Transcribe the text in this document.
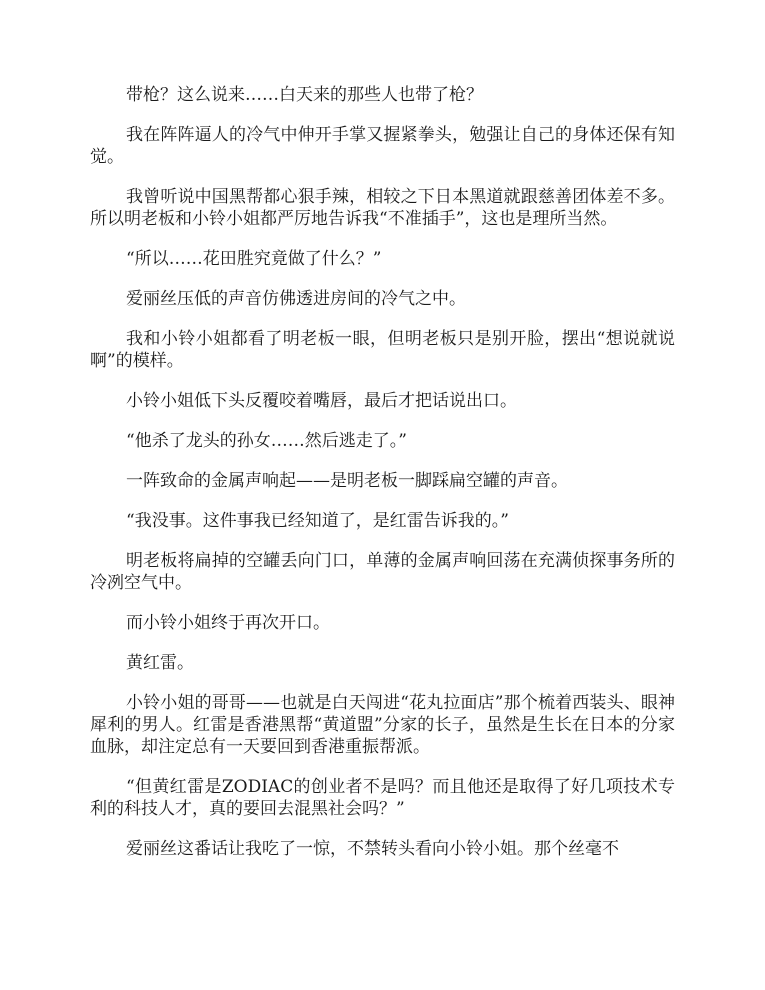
带枪？这么说来……白天来的那些人也带了枪？

我在阵阵逼人的冷气中伸开手掌又握紧拳头，勉强让自己的身体还保有知觉。

我曾听说中国黑帮都心狠手辣，相较之下日本黑道就跟慈善团体差不多。所以明老板和小铃小姐都严厉地告诉我“不准插手”，这也是理所当然。

“所以……花田胜究竟做了什么？”

爱丽丝压低的声音仿佛透进房间的冷气之中。

我和小铃小姐都看了明老板一眼，但明老板只是别开脸，摆出“想说就说啊”的模样。

小铃小姐低下头反覆咬着嘴唇，最后才把话说出口。

“他杀了龙头的孙女……然后逃走了。”

一阵致命的金属声响起——是明老板一脚踩扁空罐的声音。

“我没事。这件事我已经知道了，是红雷告诉我的。”

明老板将扁掉的空罐丢向门口，单薄的金属声响回荡在充满侦探事务所的冷冽空气中。

而小铃小姐终于再次开口。

黄红雷。

小铃小姐的哥哥——也就是白天闯进“花丸拉面店”那个梳着西装头、眼神犀利的男人。红雷是香港黑帮“黄道盟”分家的长子，虽然是生长在日本的分家血脉，却注定总有一天要回到香港重振帮派。

“但黄红雷是ZODIAC的创业者不是吗？而且他还是取得了好几项技术专利的科技人才，真的要回去混黑社会吗？”

爱丽丝这番话让我吃了一惊，不禁转头看向小铃小姐。那个丝毫不
